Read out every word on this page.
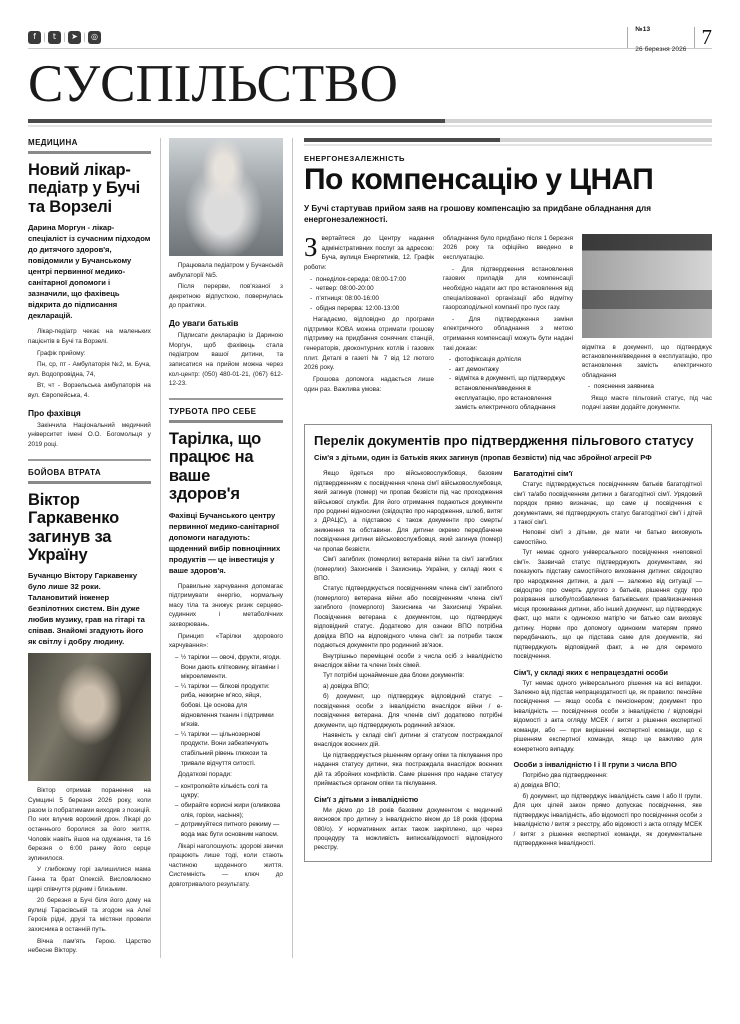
f | t | ➤ | ◎
№13
26 березня 2026
7
СУСПІЛЬСТВО
МЕДИЦИНА
Новий лікар-педіатр у Бучі та Ворзелі

Дарина Моргун - лікар-спеціаліст із сучасним підходом до дитячого здоров'я, повідомили у Бучанському центрі первинної медико-санітарної допомоги і зазначили, що фахівець відкрита до підписання декларацій.

Лікар-педіатр чекає на маленьких пацієнтів в Бучі та Ворзелі.

Графік прийому:

Пн, ср, пт - Амбулаторія №2, м. Буча, вул. Водопровідна, 74,

Вт, чт - Ворзельська амбулаторія на вул. Європейська, 4.

Про фахівця

Закінчила Національний медичний університет імені О.О. Богомольця у 2019 році.

БОЙОВА ВТРАТА
Віктор Гаркавенко загинув за Україну

Бучанцю Віктору Гаркавенку було лише 32 роки. Талановитий інженер безпілотних систем. Він дуже любив музику, грав на гітарі та співав. Знайомі згадують його як світлу і добру людину.

Віктор отримав поранення на Сумщині 5 березня 2026 року, коли разом із побратимами виходив з позицій. По них влучив ворожий дрон. Лікарі до останнього боролися за його життя. Чоловік навіть йшов на одужання, та 16 березня о 6:00 ранку його серце зупинилося.

У глибокому горі залишилися мама Ганна та брат Олексій. Висловлюємо щирі співчуття рідним і близьким.

20 березня в Бучі біля його дому на вулиці Тарасівській та згодом на Алеї Героїв рідні, друзі та містяни провели захисника в останній путь.

Вічна пам'ять Герою. Царство небесне Віктору.

Працювала педіатром у Бучанській амбулаторії №5.

Після перерви, пов'язаної з декретною відпусткою, повернулась до практики.

До уваги батьків

Підписати декларацію із Дариною Моргун, щоб фахівець стала педіатром вашої дитини, та записатися на прийом можна через кол-центр: (050) 480-01-21, (067) 612-12-23.

ТУРБОТА ПРО СЕБЕ
Тарілка, що працює на ваше здоров'я

Фахівці Бучанського центру первинної медико-санітарної допомоги нагадують: щоденний вибір повноцінних продуктів — це інвестиція у ваше здоров'я.

Правильне харчування допомагає підтримувати енергію, нормальну масу тіла та знижує ризик серцево-судинних і метаболічних захворювань.

Принцип «Тарілки здорового харчування»:

– ½ тарілки — овочі, фрукти, ягоди. Вони дають клітковину, вітаміни і мікроелементи.
– ¼ тарілки — білкові продукти: риба, нежирне м'ясо, яйця, бобові. Це основа для відновлення тканин і підтримки м'язів.
– ¼ тарілки — цільнозернові продукти. Вони забезпечують стабільний рівень глюкози та тривале відчуття ситості.

Додаткові поради:

– контролюйте кількість солі та цукру;
– обирайте корисні жири (оливкова олія, горіхи, насіння);
– дотримуйтеся питного режиму — вода має бути основним напоєм.

Лікарі наголошують: здорові звички працюють лише тоді, коли стають частиною щоденного життя. Системність — ключ до довготривалого результату.

ЕНЕРГОНЕЗАЛЕЖНІСТЬ
По компенсацію у ЦНАП

У Бучі стартував прийом заяв на грошову компенсацію за придбане обладнання для енергонезалежності.

Звертайтеся до Центру надання адміністративних послуг за адресою: Буча, вулиця Енергетиків, 12. Графік роботи:

- понеділок-середа: 08:00-17:00
- четвер: 08:00-20:00
- п'ятниця: 08:00-16:00
- обідня перерва: 12:00-13:00

Нагадаємо, відповідно до програми підтримки КОВА можна отримати грошову підтримку на придбання сонячних станцій, генераторів, двоконтурних котлів і газових плит. Деталі в газеті № 7 від 12 лютого 2026 року.

Грошова допомога надається лише один раз. Важлива умова:

обладнання було придбано після 1 березня 2026 року та офіційно введено в експлуатацію.

- Для підтвердження встановлення газових приладів для компенсації необхідно надати акт про встановлення від спеціалізованої організації або відмітку газорозподільної компанії про пуск газу.

- Для підтвердження заміни електричного обладнання з метою отримання компенсації можуть бути надані такі докази:

- фотофіксація до/після
- акт демонтажу
- відмітка в документі, що підтверджує встановлення/введення в експлуатацію, про встановлення замість електричного обладнання

відмітка в документі, що підтверджує встановлення/введення в експлуатацію, про встановлення замість електричного обладнання

- пояснення заявника

Якщо маєте пільговий статус, під час подачі заяви додайте документи.

Перелік документів про підтвердження пільгового статусу

Сім'я з дітьми, один із батьків яких загинув (пропав безвісти) під час збройної агресії РФ

Якщо йдеться про військовослужбовця, базовим підтвердженням є посвідчення члена сім'ї військовослужбовця, який загинув (помер) чи пропав безвісти під час проходження військової служби. Для його отримання подаються документи про родинні відносини (свідоцтво про народження, шлюб, витяг з ДРАЦС), а підставою є також документи про смерть/зникнення та обставини. Для дитини окремо передбачене посвідчення дитини військовослужбовця, який загинув (помер) чи пропав безвісти.

Сім'ї загиблих (померлих) ветеранів війни та сім'ї загиблих (померлих) Захисників і Захисниць України, у складі яких є ВПО.

Статус підтверджується посвідченням члена сім'ї загиблого (померлого) ветерана війни або посвідченням члена сім'ї загиблого (померлого) Захисника чи Захисниці України. Посвідчення ветерана є документом, що підтверджує відповідний статус. Додатково для ознаки ВПО потрібна довідка ВПО на відповідного члена сім'ї: за потреби також подаються документи про родинний зв'язок.

Внутрішньо переміщені особи з числа осіб з інвалідністю внаслідок війни та члени їхніх сімей.

Тут потрібні щонайменше два блоки документів:

а) довідка ВПО;

б) документ, що підтверджує відповідний статус – посвідчення особи з інвалідністю внаслідок війни / е-посвідчення ветерана. Для членів сім'ї додатково потрібні документи, що підтверджують родинний зв'язок.

Наявність у складі сім'ї дитини зі статусом постраждалої внаслідок воєнних дій.

Це підтверджується рішенням органу опіки та піклування про надання статусу дитини, яка постраждала внаслідок воєнних дій та збройних конфліктів. Саме рішення про надане статусу приймається органом опіки та піклування.

Сім'ї з дітьми з інвалідністю

Ми діємо до 18 років базовим документом є медичний висновок про дитину з інвалідністю віком до 18 років (форма 080/о). У нормативних актах також закріплено, що через процедуру та можливість виписка/відомості відповідного реєстру.

Багатодітні сім'ї

Статус підтверджується посвідченням батьків багатодітної сім'ї та/або посвідченням дитини з багатодітної сім'ї. Урядовий порядок прямо визначає, що саме ці посвідчення є документами, які підтверджують статус багатодітної сім'ї і дітей з такої сім'ї.

Неповні сім'ї з дітьми, де мати чи батько виховують самостійно.

Тут немає одного універсального посвідчення «неповної сім'ї». Зазвичай статус підтверджують документами, які показують підставу самостійного виховання дитини: свідоцтво про народження дитини, а далі — залежно від ситуації — свідоцтво про смерть другого з батьків, рішення суду про розірвання шлюбу/позбавлення батьківських прав/визначення місця проживання дитини, або інший документ, що підтверджує факт, що мати є одинокою матір'ю чи батько сам виховує дитину. Норми про допомогу одиноким матерям прямо передбачають, що це підстава саме для документів, які підтверджують відповідний факт, а не для окремого посвідчення.

Сім'ї, у складі яких є непрацездатні особи

Тут немає одного універсального рішення на всі випадки. Залежно від підстав непрацездатності це, як правило: пенсійне посвідчення — якщо особа є пенсіонером; документ про інвалідність — посвідчення особи з інвалідністю / відповідні відомості з акта огляду МСЕК / витяг з рішення експертної команди, або — при вирішенні експертної команди, що є рішенням експертної команди, якщо це важливо для конкретного випадку.

Особи з інвалідністю І і ІІ групи з числа ВПО

Потрібно два підтвердження:

а) довідка ВПО;

б) документ, що підтверджує інвалідність саме І або ІІ групи. Для цих цілей закон прямо допускає посвідчення, яке підтверджує інвалідність, або відомості про посвідчення особи з інвалідністю / витяг з реєстру, або відомості з акта огляду МСЕК / витяг з рішення експертної команди, як документальне підтвердження інвалідності.
